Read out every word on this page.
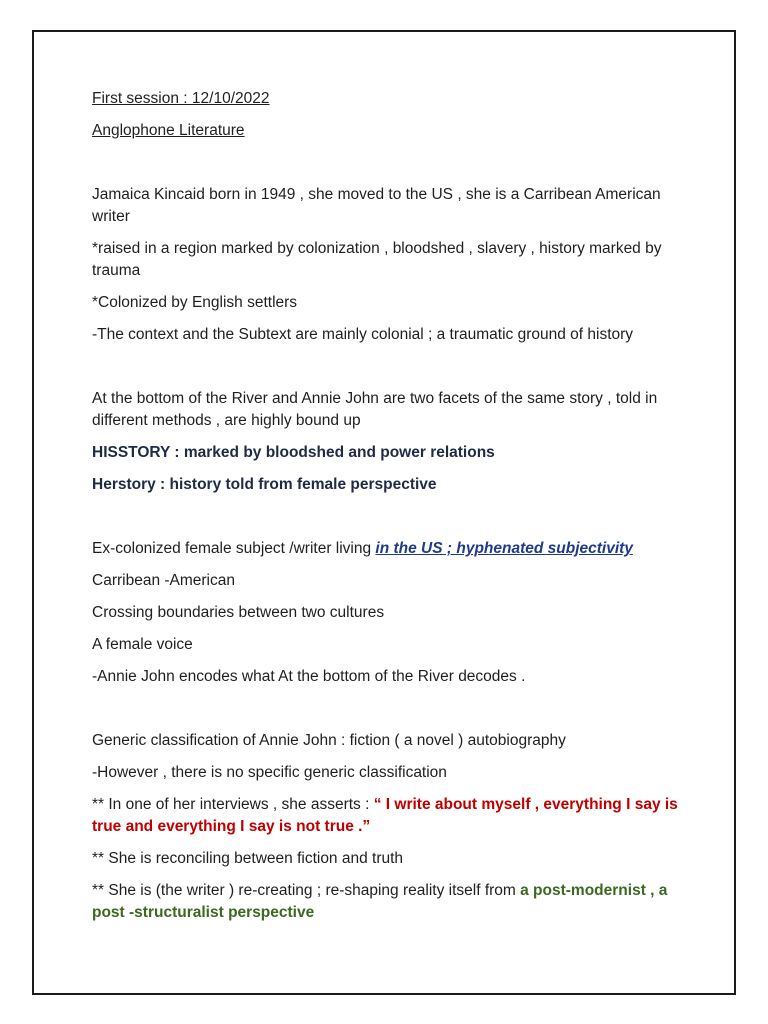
First session : 12/10/2022

Anglophone Literature

Jamaica Kincaid born in 1949 , she moved to the US , she is a Carribean American writer

*raised in a region marked by colonization , bloodshed , slavery , history marked by trauma

*Colonized by English settlers

-The context and the Subtext are mainly colonial ; a traumatic ground of history

At the bottom of the River and Annie John are two facets of the same story , told in different methods , are highly bound up

HISSTORY : marked by bloodshed and power relations

Herstory : history told from female perspective

Ex-colonized female subject /writer living in the US ; hyphenated subjectivity

Carribean -American

Crossing boundaries between two cultures

A female voice

-Annie John encodes what At the bottom of the River decodes .

Generic classification of Annie John : fiction ( a novel ) autobiography

-However , there is no specific generic classification

** In one of her interviews , she asserts : “ I write about myself , everything I say is true and everything I say is not true .”

** She is reconciling between fiction and truth

** She is (the writer ) re-creating ; re-shaping reality itself from a post-modernist , a post -structuralist perspective
